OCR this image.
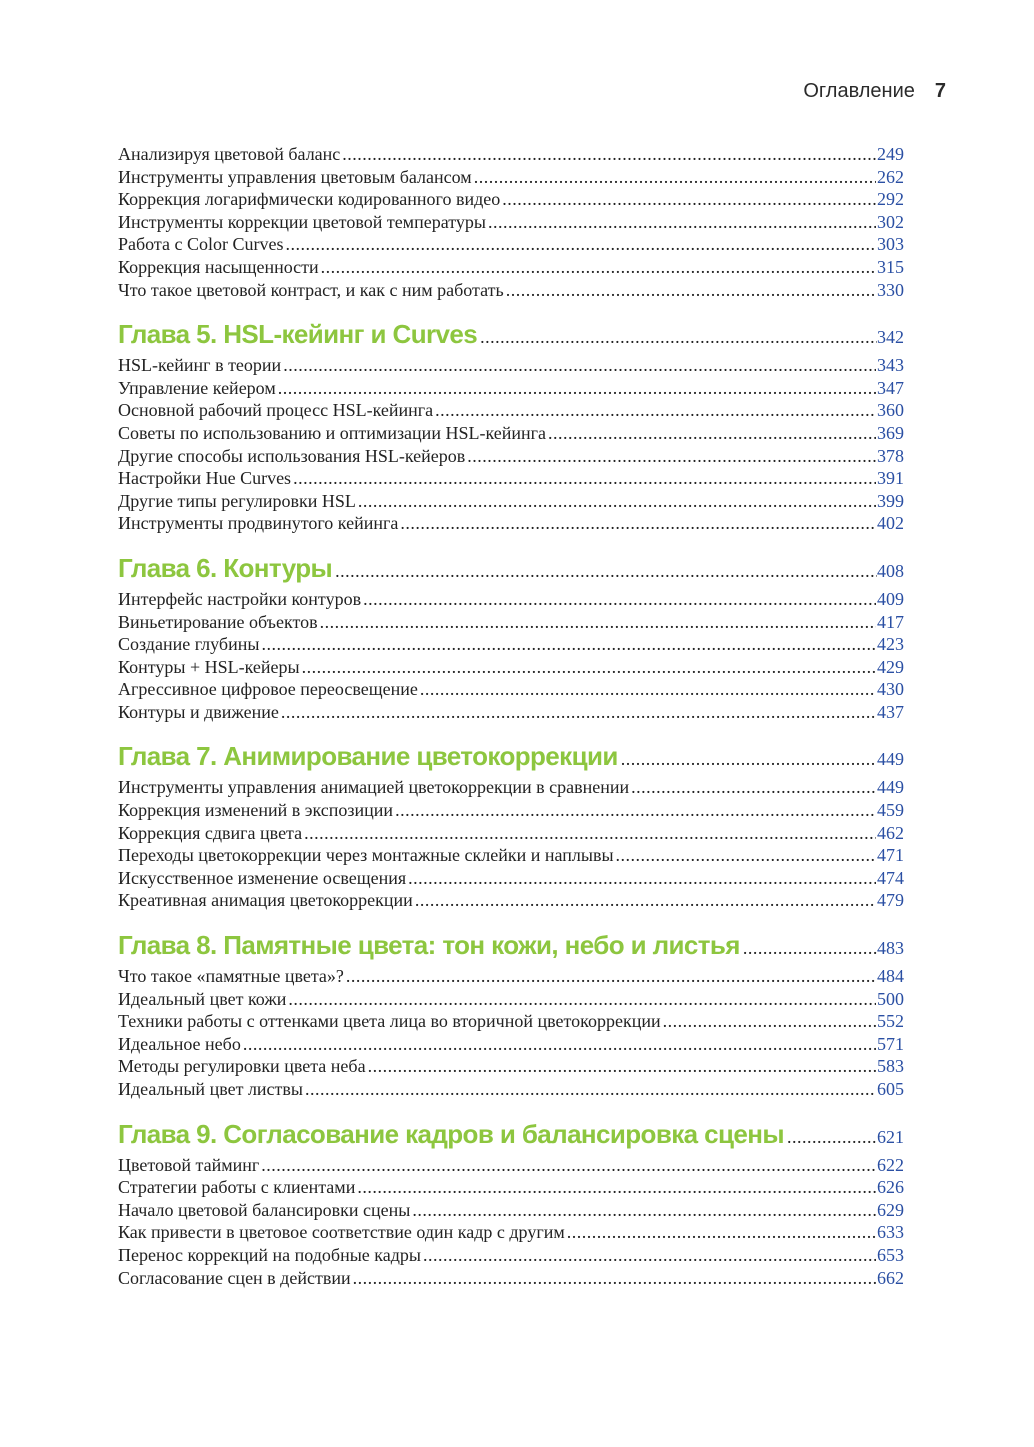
Оглавление 7
Анализируя цветовой баланс .....	249
Инструменты управления цветовым балансом .....	262
Коррекция логарифмически кодированного видео .....	292
Инструменты коррекции цветовой температуры .....	302
Работа с Color Curves .....	303
Коррекция насыщенности .....	315
Что такое цветовой контраст, и как с ним работать .....	330
Глава 5. HSL-кейинг и Curves .....	342
HSL-кейинг в теории .....	343
Управление кейером .....	347
Основной рабочий процесс HSL-кейинга .....	360
Советы по использованию и оптимизации HSL-кейинга .....	369
Другие способы использования HSL-кейеров .....	378
Настройки Hue Curves .....	391
Другие типы регулировки HSL .....	399
Инструменты продвинутого кейинга .....	402
Глава 6. Контуры .....	408
Интерфейс настройки контуров .....	409
Виньетирование объектов .....	417
Создание глубины .....	423
Контуры + HSL-кейеры .....	429
Агрессивное цифровое переосвещение .....	430
Контуры и движение .....	437
Глава 7. Анимирование цветокоррекции .....	449
Инструменты управления анимацией цветокоррекции в сравнении .....	449
Коррекция изменений в экспозиции .....	459
Коррекция сдвига цвета .....	462
Переходы цветокоррекции через монтажные склейки и наплывы .....	471
Искусственное изменение освещения .....	474
Креативная анимация цветокоррекции .....	479
Глава 8. Памятные цвета: тон кожи, небо и листья .....	483
Что такое «памятные цвета»? .....	484
Идеальный цвет кожи .....	500
Техники работы с оттенками цвета лица во вторичной цветокоррекции .....	552
Идеальное небо .....	571
Методы регулировки цвета неба .....	583
Идеальный цвет листвы .....	605
Глава 9. Согласование кадров и балансировка сцены .....	621
Цветовой тайминг .....	622
Стратегии работы с клиентами .....	626
Начало цветовой балансировки сцены .....	629
Как привести в цветовое соответствие один кадр с другим .....	633
Перенос коррекций на подобные кадры .....	653
Согласование сцен в действии .....	662
